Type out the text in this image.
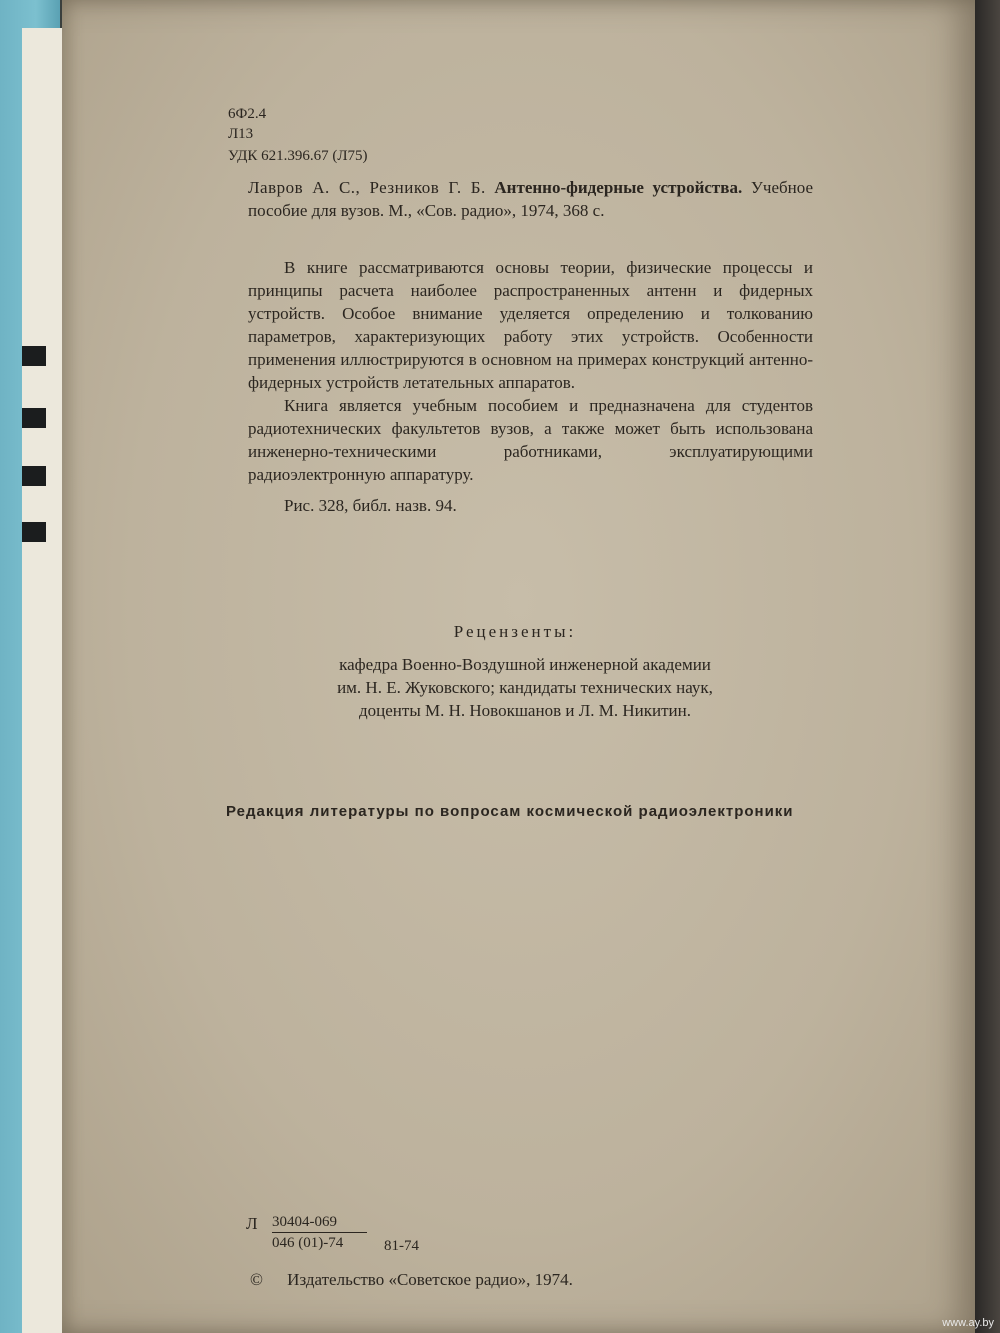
6Ф2.4
Л13
УДК 621.396.67 (Л75)
Лавров А. С., Резников Г. Б. Антенно-фидерные устройства. Учебное пособие для вузов. М., «Сов. радио», 1974, 368 с.

В книге рассматриваются основы теории, физические процессы и принципы расчета наиболее распространенных антенн и фидерных устройств. Особое внимание уделяется определению и толкованию параметров, характеризующих работу этих устройств. Особенности применения иллюстрируются в основном на примерах конструкций антенно-фидерных устройств летательных аппаратов.

Книга является учебным пособием и предназначена для студентов радиотехнических факультетов вузов, а также может быть использована инженерно-техническими работниками, эксплуатирующими радиоэлектронную аппаратуру.

Рис. 328, библ. назв. 94.
Рецензенты:
кафедра Военно-Воздушной инженерной академии
им. Н. Е. Жуковского; кандидаты технических наук,
доценты М. Н. Новокшанов и Л. М. Никитин.
Редакция литературы по вопросам космической радиоэлектроники
Л $\frac{30404-069}{046 (01)-74} 81-74$
© Издательство «Советское радио», 1974.
www.ay.by
